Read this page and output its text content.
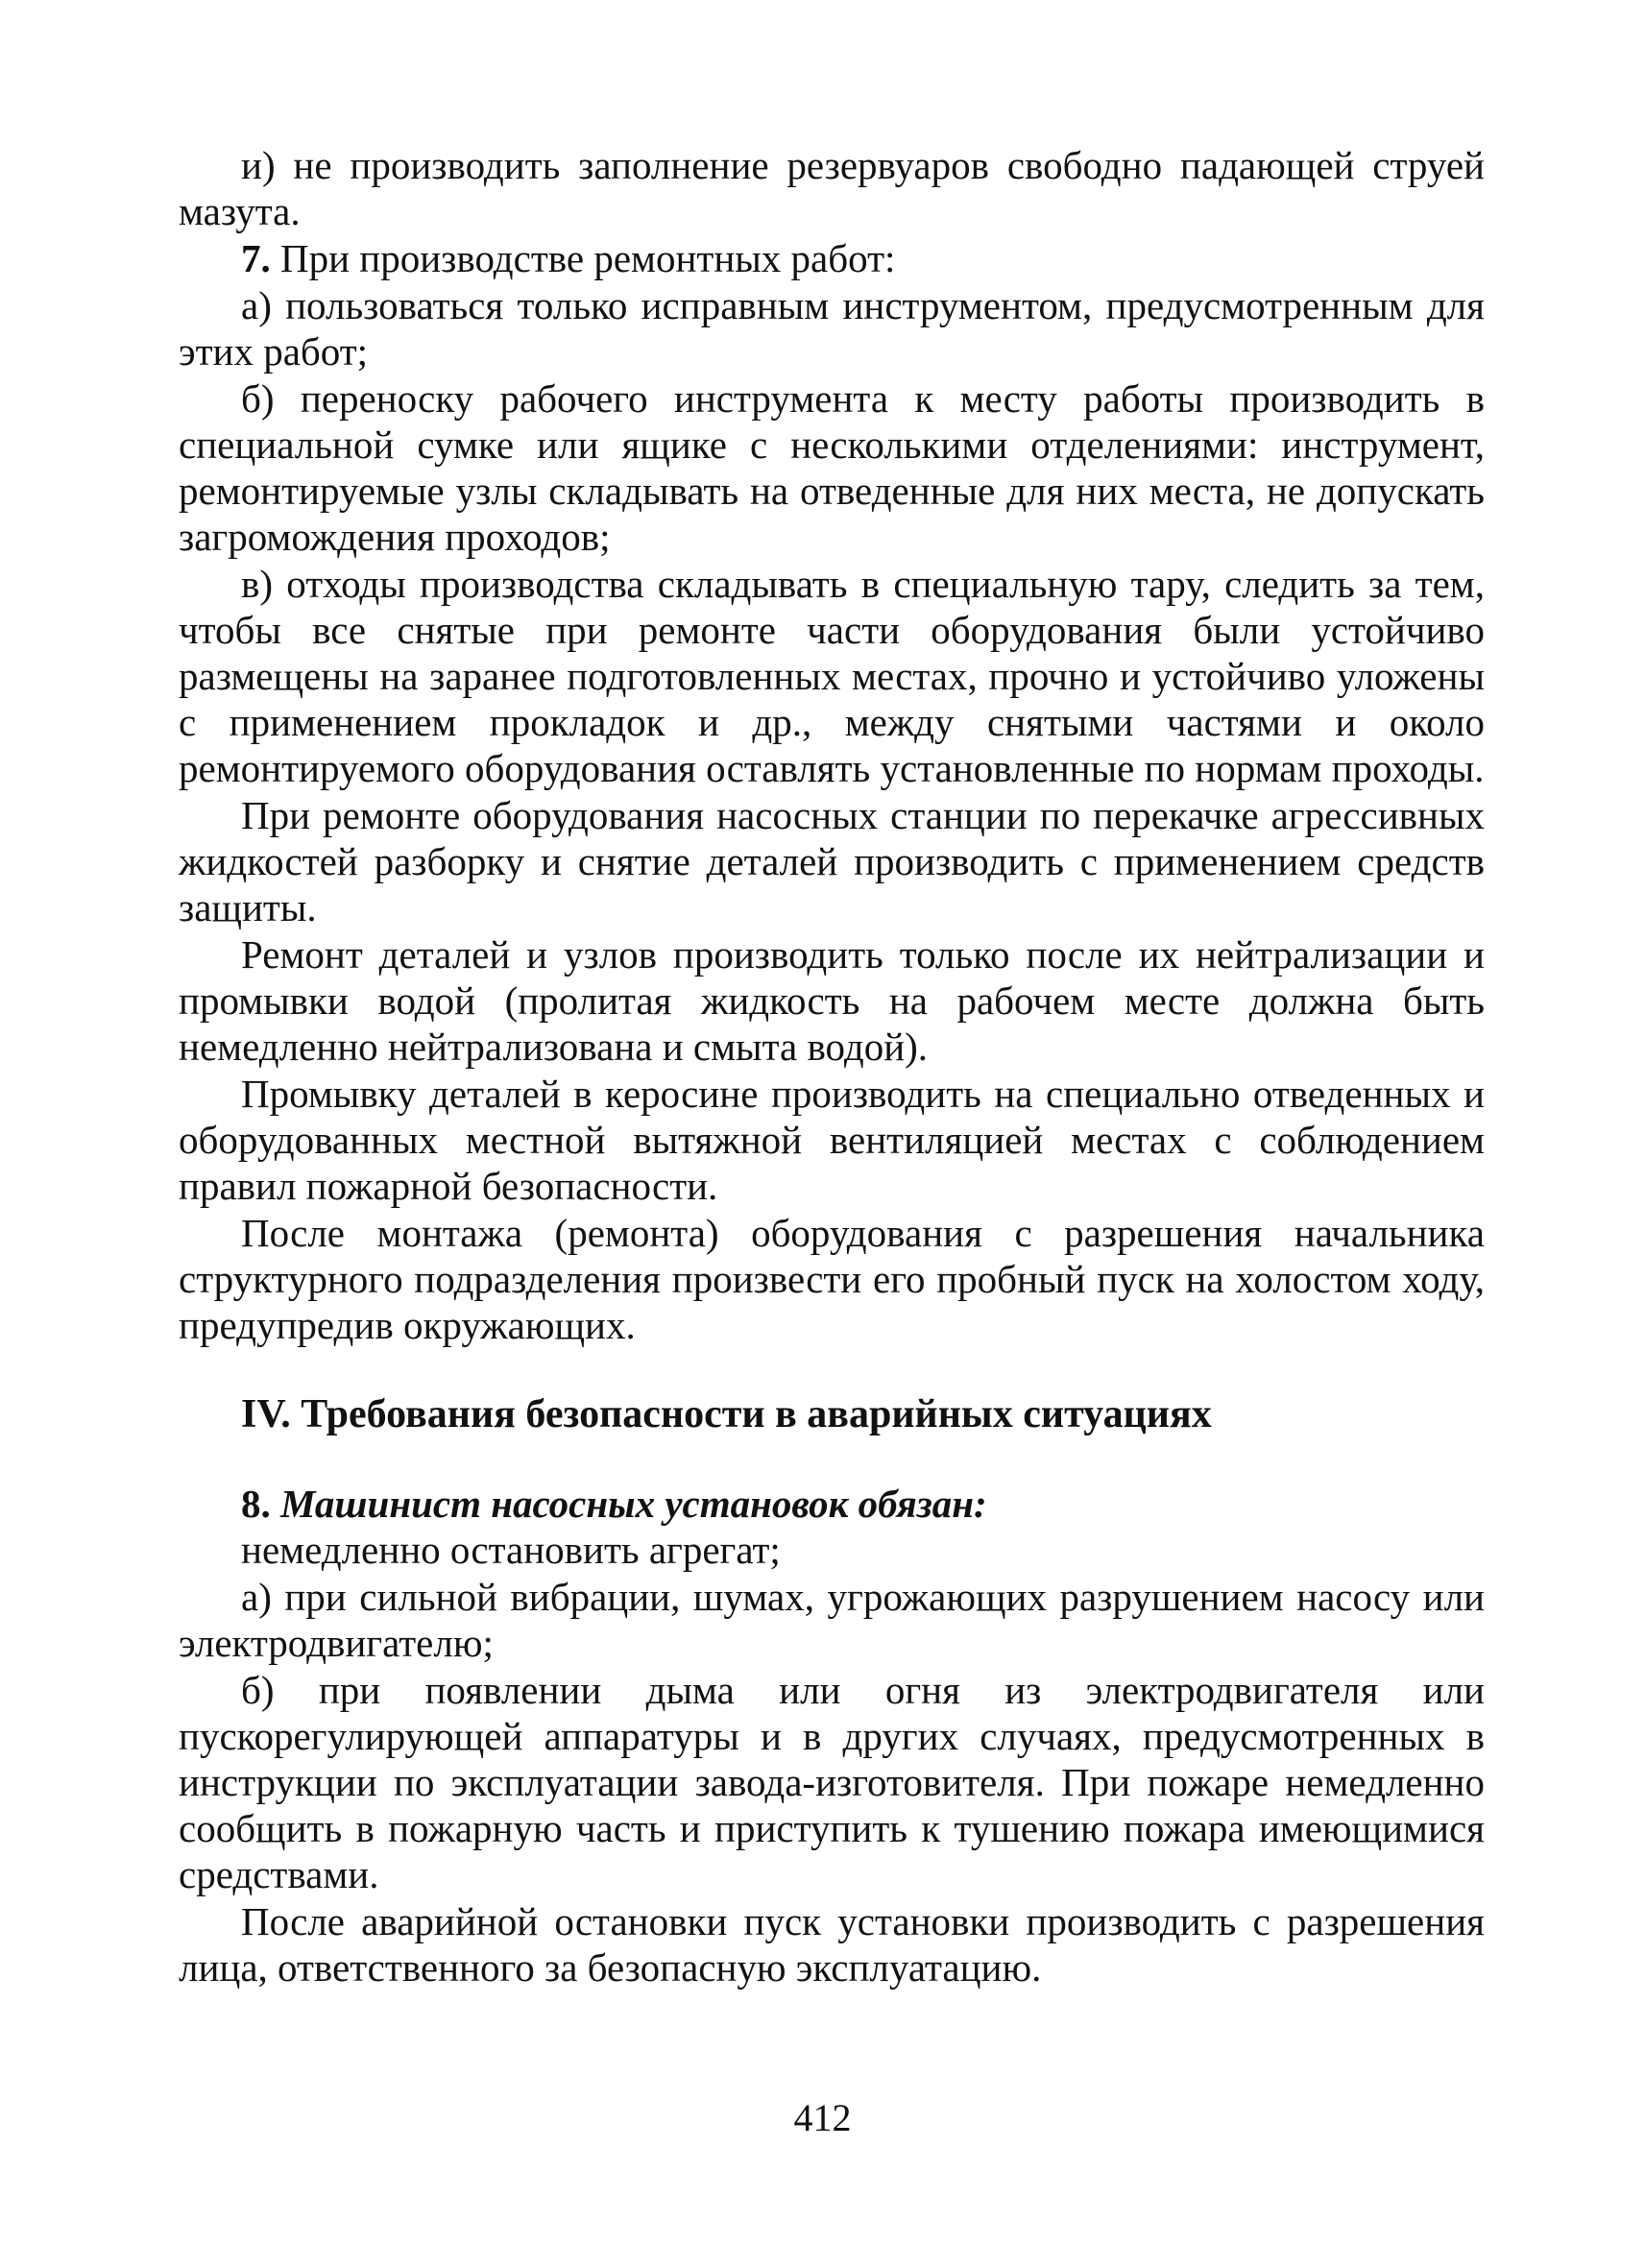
и) не производить заполнение резервуаров свободно падающей струей мазута.

7. При производстве ремонтных работ:

а) пользоваться только исправным инструментом, предусмотренным для этих работ;

б) переноску рабочего инструмента к месту работы производить в специальной сумке или ящике с несколькими отделениями: инструмент, ремонтируемые узлы складывать на отведенные для них места, не допускать загромождения проходов;

в) отходы производства складывать в специальную тару, следить за тем, чтобы все снятые при ремонте части оборудования были устойчиво размещены на заранее подготовленных местах, прочно и устойчиво уложены с применением прокладок и др., между снятыми частями и около ремонтируемого оборудования оставлять установленные по нормам проходы.

При ремонте оборудования насосных станции по перекачке агрессивных жидкостей разборку и снятие деталей производить с применением средств защиты.

Ремонт деталей и узлов производить только после их нейтрализации и промывки водой (пролитая жидкость на рабочем месте должна быть немедленно нейтрализована и смыта водой).

Промывку деталей в керосине производить на специально отведенных и оборудованных местной вытяжной вентиляцией местах с соблюдением правил пожарной безопасности.

После монтажа (ремонта) оборудования с разрешения начальника структурного подразделения произвести его пробный пуск на холостом ходу, предупредив окружающих.

IV. Требования безопасности в аварийных ситуациях

8. Машинист насосных установок обязан:

немедленно остановить агрегат;

а) при сильной вибрации, шумах, угрожающих разрушением насосу или электродвигателю;

б) при появлении дыма или огня из электродвигателя или пускорегулирующей аппаратуры и в других случаях, предусмотренных в инструкции по эксплуатации завода-изготовителя. При пожаре немедленно сообщить в пожарную часть и приступить к тушению пожара имеющимися средствами.

После аварийной остановки пуск установки производить с разрешения лица, ответственного за безопасную эксплуатацию.

412
